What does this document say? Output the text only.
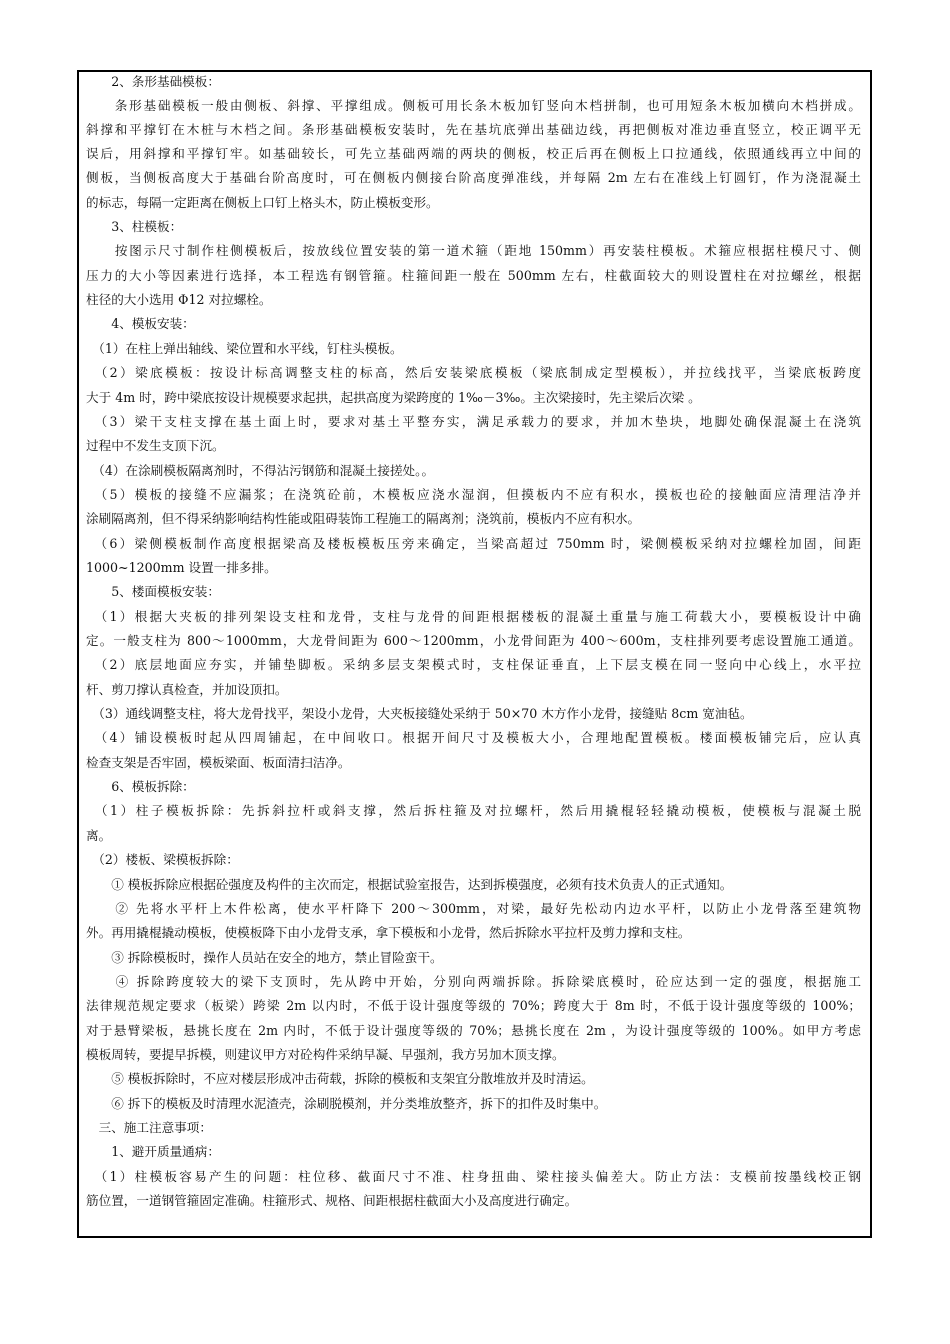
　　2、条形基础模板：
　　条形基础模板一般由侧板、斜撑、平撑组成。侧板可用长条木板加钉竖向木档拼制，也可用短条木板加横向木档拼成。
斜撑和平撑钉在木桩与木档之间。条形基础模板安装时，先在基坑底弹出基础边线，再把侧板对准边垂直竖立，校正调平无
误后，用斜撑和平撑钉牢。如基础较长，可先立基础两端的两块的侧板，校正后再在侧板上口拉通线，依照通线再立中间的
侧板，当侧板高度大于基础台阶高度时，可在侧板内侧接台阶高度弹准线，并每隔 2m 左右在准线上钉圆钉，作为浇混凝土
的标志，每隔一定距离在侧板上口钉上格头木，防止模板变形。
　　3、柱模板：
　　按图示尺寸制作柱侧模板后，按放线位置安装的第一道术箍（距地 150mm）再安装柱模板。术箍应根据柱模尺寸、侧
压力的大小等因素进行选择，本工程选有钢管箍。柱箍间距一般在 500mm 左右，柱截面较大的则设置柱在对拉螺丝，根据
柱径的大小选用 Φ12 对拉螺栓。
　　4、模板安装：
　（1）在柱上弹出轴线、梁位置和水平线，钉柱头模板。
　（2）梁底模板：按设计标高调整支柱的标高，然后安装梁底模板（梁底制成定型模板），并拉线找平，当梁底板跨度
大于 4m 时，跨中梁底按设计规模要求起拱，起拱高度为梁跨度的 1‰－3‰。主次梁接时，先主梁后次梁 。
　（3）梁干支柱支撑在基土面上时，要求对基土平整夯实，满足承载力的要求，并加木垫块，地脚处确保混凝土在浇筑
过程中不发生支顶下沉。
　（4）在涂刷模板隔离剂时，不得沾污钢筋和混凝土接搓处。。
　（5）模板的接缝不应漏浆；在浇筑砼前，木模板应浇水湿润，但摸板内不应有积水，摸板也砼的接触面应清理洁净并
涂刷隔离剂，但不得采纳影响结构性能或阻碍装饰工程施工的隔离剂；浇筑前，模板内不应有积水。
　（6）梁侧模板制作高度根据梁高及楼板模板压旁来确定，当梁高超过 750mm 时，梁侧模板采纳对拉螺栓加固，间距
1000~1200mm 设置一排多排。
　　5、楼面模板安装：
　（1）根据大夹板的排列架设支柱和龙骨，支柱与龙骨的间距根据楼板的混凝土重量与施工荷载大小，要模板设计中确
定。一般支柱为 800～1000mm，大龙骨间距为 600～1200mm，小龙骨间距为 400～600m，支柱排列要考虑设置施工通道。
　（2）底层地面应夯实，并铺垫脚板。采纳多层支架模式时，支柱保证垂直，上下层支模在同一竖向中心线上，水平拉
杆、剪刀撑认真检查，并加设顶扣。
　（3）通线调整支柱，将大龙骨找平，架设小龙骨，大夹板接缝处采纳于 50×70 木方作小龙骨，接缝贴 8cm 宽油毡。
　（4）铺设模板时起从四周铺起，在中间收口。根据开间尺寸及模板大小，合理地配置模板。楼面模板铺完后，应认真
检查支架是否牢固，模板梁面、板面清扫洁净。
　　6、模板拆除：
　（1）柱子模板拆除：先拆斜拉杆或斜支撑，然后拆柱箍及对拉螺杆，然后用撬棍轻轻撬动模板，使模板与混凝土脱
离。
　（2）楼板、梁模板拆除：
　　① 模板拆除应根据砼强度及构件的主次而定，根据试验室报告，达到拆模强度，必须有技术负责人的正式通知。
　　② 先将水平杆上木件松离，使水平杆降下 200～300mm，对梁，最好先松动内边水平杆，以防止小龙骨落至建筑物
外。再用撬棍撬动模板，使模板降下由小龙骨支承，拿下模板和小龙骨，然后拆除水平拉杆及剪力撑和支柱。
　　③ 拆除模板时，操作人员站在安全的地方，禁止冒险蛮干。
　　④ 拆除跨度较大的梁下支顶时，先从跨中开始，分别向两端拆除。拆除梁底模时，砼应达到一定的强度，根据施工
法律规范规定要求（板梁）跨梁 2m 以内时，不低于设计强度等级的 70%；跨度大于 8m 时，不低于设计强度等级的 100%；
对于悬臂梁板，悬挑长度在 2m 内时，不低于设计强度等级的 70%；悬挑长度在 2m ，为设计强度等级的 100%。如甲方考虑
模板周转，要提早拆模，则建议甲方对砼构件采纳早凝、早强剂，我方另加木顶支撑。
　　⑤ 模板拆除时，不应对楼层形成冲击荷载，拆除的模板和支架宜分散堆放并及时清运。
　　⑥ 拆下的模板及时清理水泥渣壳，涂刷脱模剂，并分类堆放整齐，拆下的扣件及时集中。
　三、施工注意事项：
　　1、避开质量通病：
　（1）柱模板容易产生的问题：柱位移、截面尺寸不准、柱身扭曲、梁柱接头偏差大。防止方法：支模前按墨线校正钢
筋位置，一道钢管箍固定准确。柱箍形式、规格、间距根据柱截面大小及高度进行确定。
